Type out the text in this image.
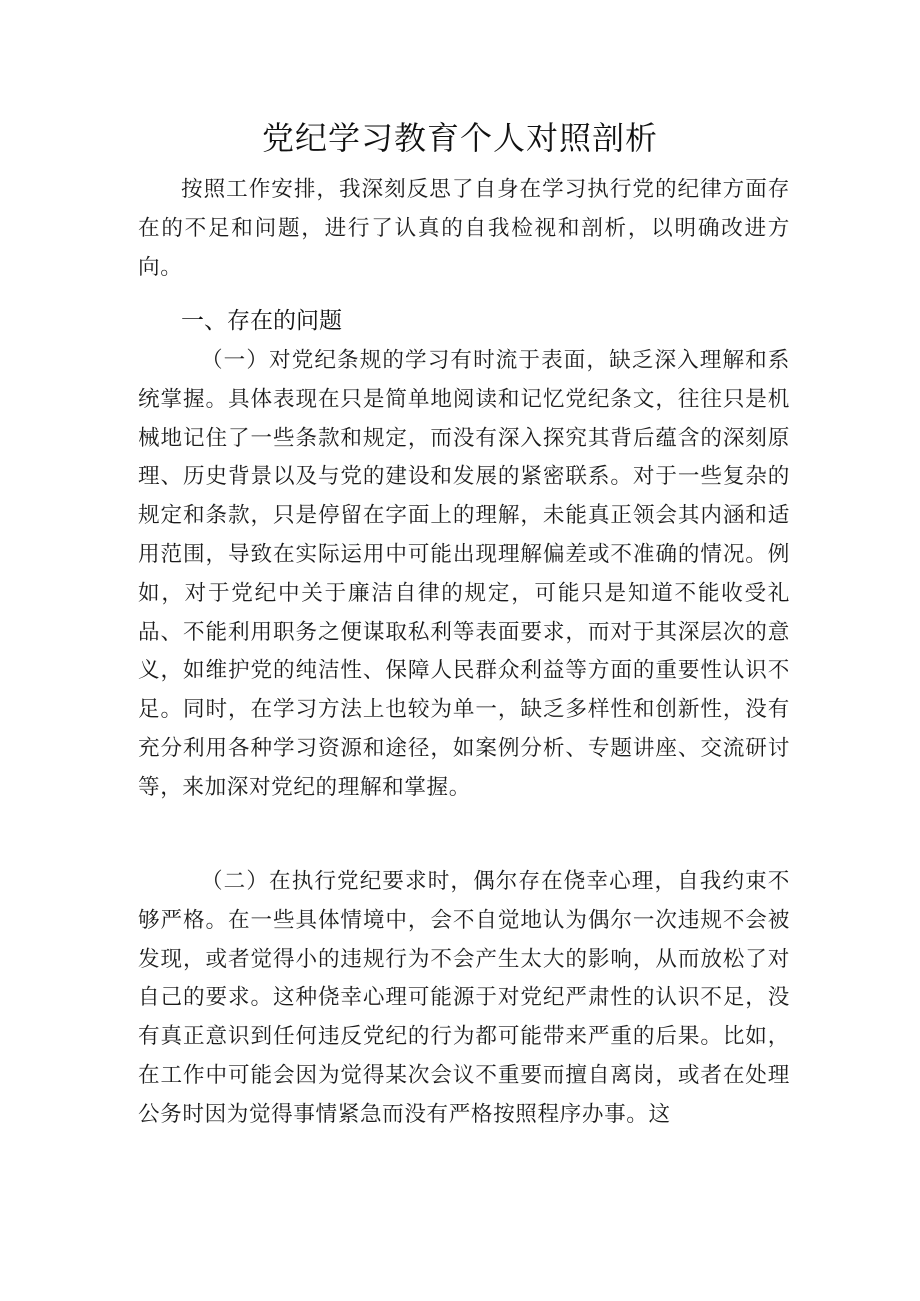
党纪学习教育个人对照剖析
按照工作安排，我深刻反思了自身在学习执行党的纪律方面存在的不足和问题，进行了认真的自我检视和剖析，以明确改进方向。
一、存在的问题
（一）对党纪条规的学习有时流于表面，缺乏深入理解和系统掌握。具体表现在只是简单地阅读和记忆党纪条文，往往只是机械地记住了一些条款和规定，而没有深入探究其背后蕴含的深刻原理、历史背景以及与党的建设和发展的紧密联系。对于一些复杂的规定和条款，只是停留在字面上的理解，未能真正领会其内涵和适用范围，导致在实际运用中可能出现理解偏差或不准确的情况。例如，对于党纪中关于廉洁自律的规定，可能只是知道不能收受礼品、不能利用职务之便谋取私利等表面要求，而对于其深层次的意义，如维护党的纯洁性、保障人民群众利益等方面的重要性认识不足。同时，在学习方法上也较为单一，缺乏多样性和创新性，没有充分利用各种学习资源和途径，如案例分析、专题讲座、交流研讨等，来加深对党纪的理解和掌握。
（二）在执行党纪要求时，偶尔存在侥幸心理，自我约束不够严格。在一些具体情境中，会不自觉地认为偶尔一次违规不会被发现，或者觉得小的违规行为不会产生太大的影响，从而放松了对自己的要求。这种侥幸心理可能源于对党纪严肃性的认识不足，没有真正意识到任何违反党纪的行为都可能带来严重的后果。比如，在工作中可能会因为觉得某次会议不重要而擅自离岗，或者在处理公务时因为觉得事情紧急而没有严格按照程序办事。这
